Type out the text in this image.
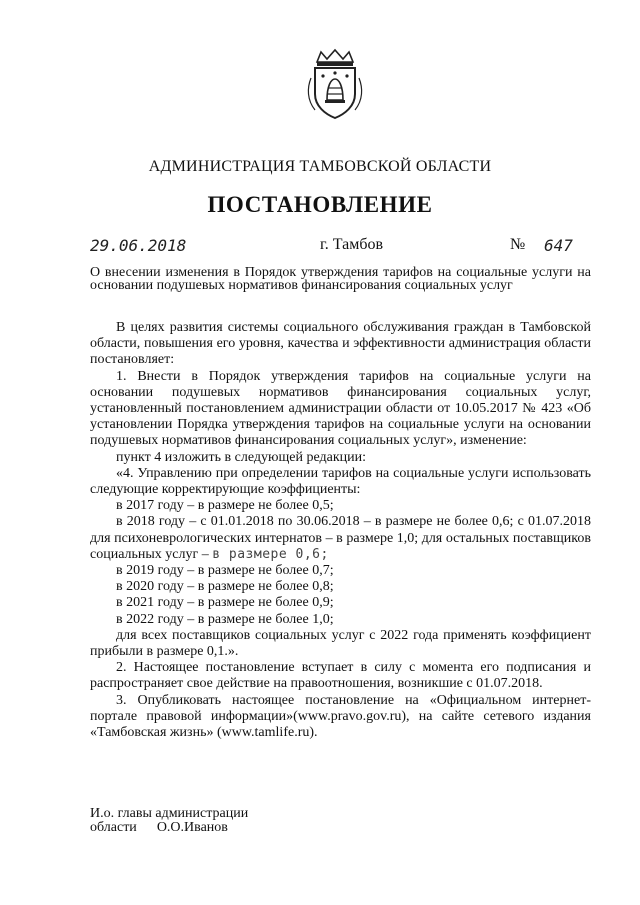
АДМИНИСТРАЦИЯ ТАМБОВСКОЙ ОБЛАСТИ
ПОСТАНОВЛЕНИЕ
29.06.2018	г. Тамбов	№ 647
О внесении изменения в Порядок утверждения тарифов на социальные услуги на основании подушевых нормативов финансирования социальных услуг

В целях развития системы социального обслуживания граждан в Тамбовской области, повышения его уровня, качества и эффективности администрация области постановляет:

1. Внести в Порядок утверждения тарифов на социальные услуги на основании подушевых нормативов финансирования социальных услуг, установленный постановлением администрации области от 10.05.2017 № 423 «Об установлении Порядка утверждения тарифов на социальные услуги на основании подушевых нормативов финансирования социальных услуг», изменение:

пункт 4 изложить в следующей редакции:

«4. Управлению при определении тарифов на социальные услуги использовать следующие корректирующие коэффициенты:

в 2017 году – в размере не более 0,5;

в 2018 году – с 01.01.2018 по 30.06.2018 – в размере не более 0,6; с 01.07.2018 для психоневрологических интернатов – в размере 1,0; для остальных поставщиков социальных услуг – в размере 0,6;

в 2019 году – в размере не более 0,7;

в 2020 году – в размере не более 0,8;

в 2021 году – в размере не более 0,9;

в 2022 году – в размере не более 1,0;

для всех поставщиков социальных услуг с 2022 года применять коэффициент прибыли в размере 0,1.».

2. Настоящее постановление вступает в силу с момента его подписания и распространяет свое действие на правоотношения, возникшие с 01.07.2018.

3. Опубликовать настоящее постановление на «Официальном интернет-портале правовой информации»(www.pravo.gov.ru), на сайте сетевого издания «Тамбовская жизнь» (www.tamlife.ru).

И.о. главы администрации
области О.О.Иванов
